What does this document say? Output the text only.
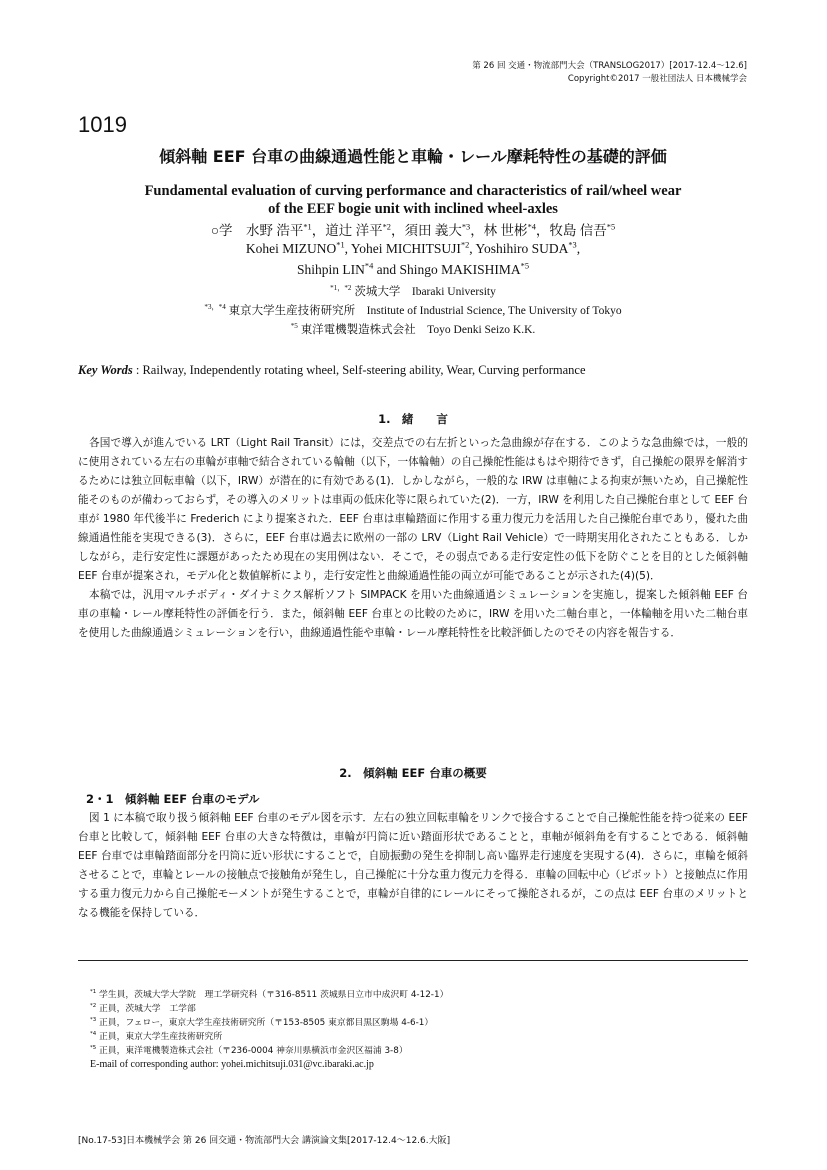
第 26 回 交通・物流部門大会（TRANSLOG2017）[2017-12.4～12.6]
Copyright©2017 一般社団法人 日本機械学会
1019
傾斜軸 EEF 台車の曲線通過性能と車輪・レール摩耗特性の基礎的評価
Fundamental evaluation of curving performance and characteristics of rail/wheel wear
of the EEF bogie unit with inclined wheel-axles
○学　水野 浩平$^{*1}$，道辻 洋平$^{*2}$，須田 義大$^{*3}$，林 世彬$^{*4}$，牧島 信吾$^{*5}$
Kohei MIZUNO$^{*1}$, Yohei MICHITSUJI$^{*2}$, Yoshihiro SUDA$^{*3}$,
Shihpin LIN$^{*4}$ and Shingo MAKISHIMA$^{*5}$
$^{*1,*2}$ 茨城大学　Ibaraki University
$^{*3,*4}$ 東京大学生産技術研究所　Institute of Industrial Science, The University of Tokyo
$^{*5}$ 東洋電機製造株式会社　Toyo Denki Seizo K.K.
Key Words : Railway, Independently rotating wheel, Self-steering ability, Wear, Curving performance
1.　緒　　言

各国で導入が進んでいる LRT（Light Rail Transit）には，交差点での右左折といった急曲線が存在する．このような急曲線では，一般的に使用されている左右の車輪が車軸で結合されている輪軸（以下，一体輪軸）の自己操舵性能はもはや期待できず，自己操舵の限界を解消するためには独立回転車輪（以下，IRW）が潜在的に有効である(1)．しかしながら，一般的な IRW は車軸による拘束が無いため，自己操舵性能そのものが備わっておらず，その導入のメリットは車両の低床化等に限られていた(2)．一方，IRW を利用した自己操舵台車として EEF 台車が 1980 年代後半に Frederich により提案された．EEF 台車は車輪踏面に作用する重力復元力を活用した自己操舵台車であり，優れた曲線通過性能を実現できる(3)．さらに，EEF 台車は過去に欧州の一部の LRV（Light Rail Vehicle）で一時期実用化されたこともある．しかしながら，走行安定性に課題があったため現在の実用例はない．そこで，その弱点である走行安定性の低下を防ぐことを目的とした傾斜軸 EEF 台車が提案され，モデル化と数値解析により，走行安定性と曲線通過性能の両立が可能であることが示された(4)(5)．

本稿では，汎用マルチボディ・ダイナミクス解析ソフト SIMPACK を用いた曲線通過シミュレーションを実施し，提案した傾斜軸 EEF 台車の車輪・レール摩耗特性の評価を行う．また，傾斜軸 EEF 台車との比較のために，IRW を用いた二軸台車と，一体輪軸を用いた二軸台車を使用した曲線通過シミュレーションを行い，曲線通過性能や車輪・レール摩耗特性を比較評価したのでその内容を報告する．

2.　傾斜軸 EEF 台車の概要
2・1　傾斜軸 EEF 台車のモデル

図 1 に本稿で取り扱う傾斜軸 EEF 台車のモデル図を示す．左右の独立回転車輪をリンクで接合することで自己操舵性能を持つ従来の EEF 台車と比較して，傾斜軸 EEF 台車の大きな特徴は，車輪が円筒に近い踏面形状であることと，車軸が傾斜角を有することである．傾斜軸 EEF 台車では車輪踏面部分を円筒に近い形状にすることで，自励振動の発生を抑制し高い臨界走行速度を実現する(4)．さらに，車輪を傾斜させることで，車輪とレールの接触点で接触角が発生し，自己操舵に十分な重力復元力を得る．車輪の回転中心（ピボット）と接触点に作用する重力復元力から自己操舵モーメントが発生することで，車輪が自律的にレールにそって操舵されるが，この点は EEF 台車のメリットとなる機能を保持している．

$^{*1}$ 学生員，茨城大学大学院　理工学研究科（〒316-8511 茨城県日立市中成沢町 4-12-1）
$^{*2}$ 正員，茨城大学　工学部
$^{*3}$ 正員，フェロー，東京大学生産技術研究所（〒153-8505 東京都目黒区駒場 4-6-1）
$^{*4}$ 正員，東京大学生産技術研究所
$^{*5}$ 正員，東洋電機製造株式会社（〒236-0004 神奈川県横浜市金沢区福浦 3-8）
E-mail of corresponding author: yohei.michitsuji.031@vc.ibaraki.ac.jp
[No.17-53]日本機械学会 第 26 回交通・物流部門大会 講演論文集[2017-12.4～12.6.大阪]
